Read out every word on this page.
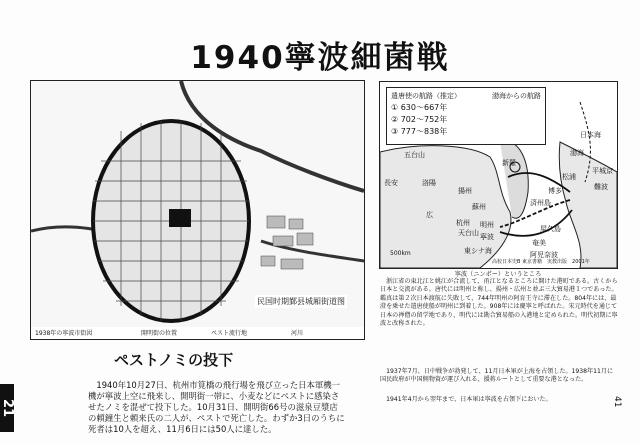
1940寧波細菌戦
1938年の寧波市街図	開明街の位置	ペスト流行地	河川
民国时期鄞县城厢街道图
遣唐使の航路（推定）	渤海からの航路
① 630～667年
② 702～752年
③ 777～838年
渤海
平城京
日本海
五台山
長安	洛陽
揚州
蘇州
杭州 明州
天台山
広
寧波
東シナ海
新羅
済州島
博多
屋久島
奄美
阿児奈波
松浦
難波
500km
高校日本史B 東京書籍　実教出版　2001年
寧波（ニンポー）というところ

浙江省の東北江と姚江が合流して、甬江となるところに開けた港町である。古くから日本と交流がある。唐代には明州と称し、揚州・広州と並ぶ三大貿易港１つであった。鑑真は第２次日本渡航に失敗して、744年明州の阿育王寺に滞在した。804年には、最澄を乗せた遣唐使船が明州に到着した。908年には慶寧と呼ばれた。宋元時代を通じて日本の禅僧の留学地であり、明代には勘合貿易船の入港地と定められた。明代初期に寧波と改称された。

1937年7月、日中戦争が勃発して、11月日本軍が上海を占領した。1938年11月に国民政府が中国側物資が運び入れる、援蒋ルートとして重要な港となった。

1941年4月から翌年まで、日本軍は寧波を占領下においた。

ペストノミの投下

1940年10月27日、杭州市筧橋の飛行場を飛び立った日本軍機一機が寧波上空に飛来し、開明街一帯に、小麦などにペストに感染させたノミを混ぜて投下した。10月31日、開明街66号の滋泉豆漿店の頼鐘生と頼来氏の二人が、ペストで死亡した。わずか3日のうちに死者は10人を超え、11月6日には50人に達した。

21	41
